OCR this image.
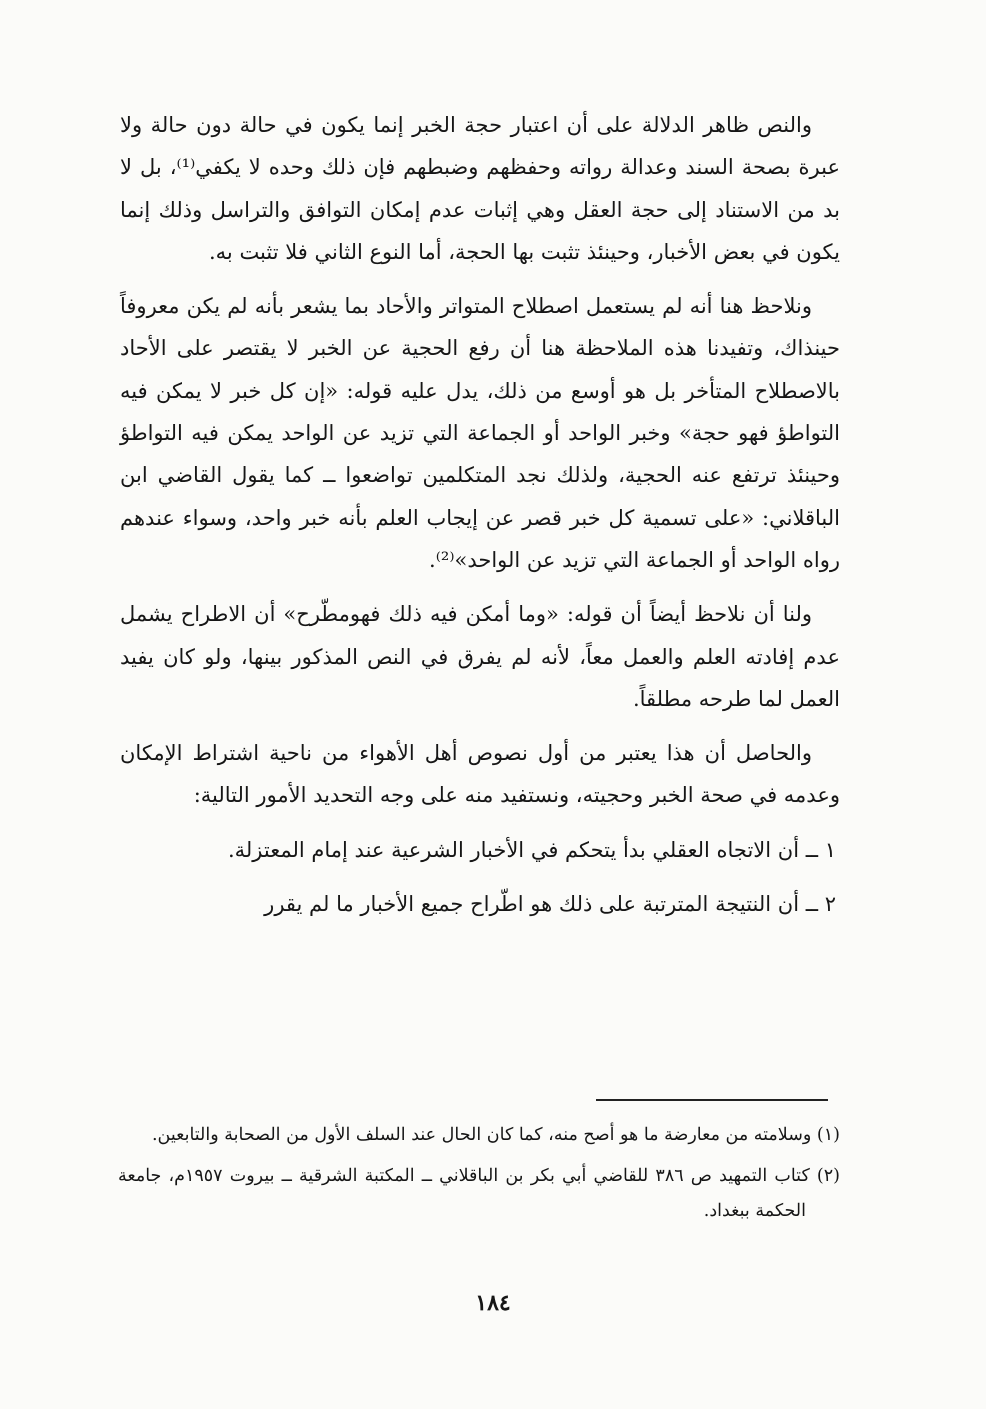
والنص ظاهر الدلالة على أن اعتبار حجة الخبر إنما يكون في حالة دون حالة ولا عبرة بصحة السند وعدالة رواته وحفظهم وضبطهم فإن ذلك وحده لا يكفي⁽¹⁾، بل لا بد من الاستناد إلى حجة العقل وهي إثبات عدم إمكان التوافق والتراسل وذلك إنما يكون في بعض الأخبار، وحينئذ تثبت بها الحجة، أما النوع الثاني فلا تثبت به.

ونلاحظ هنا أنه لم يستعمل اصطلاح المتواتر والأحاد بما يشعر بأنه لم يكن معروفاً حينذاك، وتفيدنا هذه الملاحظة هنا أن رفع الحجية عن الخبر لا يقتصر على الأحاد بالاصطلاح المتأخر بل هو أوسع من ذلك، يدل عليه قوله: «إن كل خبر لا يمكن فيه التواطؤ فهو حجة» وخبر الواحد أو الجماعة التي تزيد عن الواحد يمكن فيه التواطؤ وحينئذ ترتفع عنه الحجية، ولذلك نجد المتكلمين تواضعوا ــ كما يقول القاضي ابن الباقلاني: «على تسمية كل خبر قصر عن إيجاب العلم بأنه خبر واحد، وسواء عندهم رواه الواحد أو الجماعة التي تزيد عن الواحد»⁽²⁾.

ولنا أن نلاحظ أيضاً أن قوله: «وما أمكن فيه ذلك فهومطّرح» أن الاطراح يشمل عدم إفادته العلم والعمل معاً، لأنه لم يفرق في النص المذكور بينها، ولو كان يفيد العمل لما طرحه مطلقاً.

والحاصل أن هذا يعتبر من أول نصوص أهل الأهواء من ناحية اشتراط الإمكان وعدمه في صحة الخبر وحجيته، ونستفيد منه على وجه التحديد الأمور التالية:

١ ــ أن الاتجاه العقلي بدأ يتحكم في الأخبار الشرعية عند إمام المعتزلة.

٢ ــ أن النتيجة المترتبة على ذلك هو اطّراح جميع الأخبار ما لم يقرر

(١) وسلامته من معارضة ما هو أصح منه، كما كان الحال عند السلف الأول من الصحابة والتابعين.

(٢) كتاب التمهيد ص ٣٨٦ للقاضي أبي بكر بن الباقلاني ــ المكتبة الشرقية ــ بيروت ١٩٥٧م، جامعة الحكمة ببغداد.

١٨٤
